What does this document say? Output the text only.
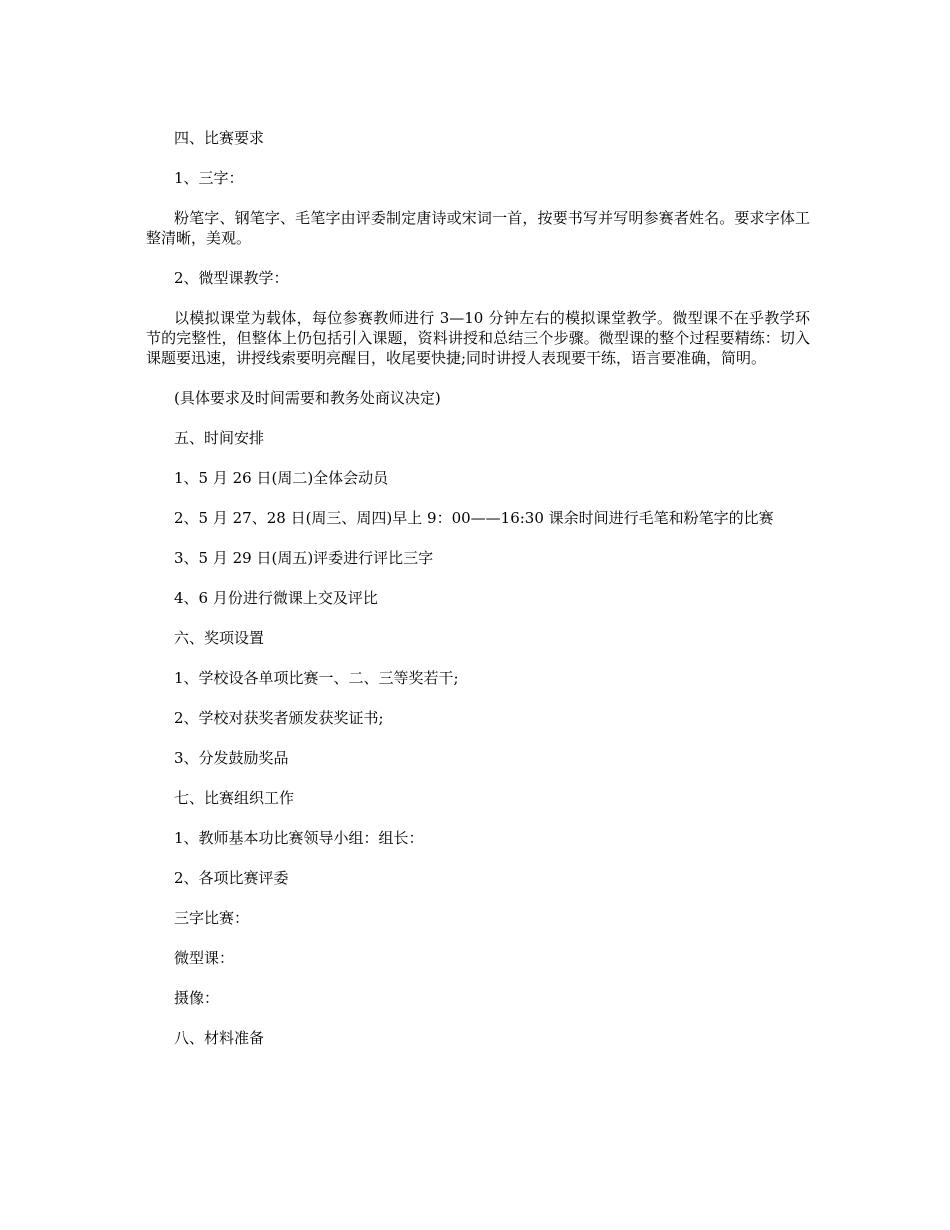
四、比赛要求

1、三字：

粉笔字、钢笔字、毛笔字由评委制定唐诗或宋词一首，按要书写并写明参赛者姓名。要求字体工整清晰，美观。

2、微型课教学：

以模拟课堂为载体，每位参赛教师进行 3—10 分钟左右的模拟课堂教学。微型课不在乎教学环节的完整性，但整体上仍包括引入课题，资料讲授和总结三个步骤。微型课的整个过程要精练：切入课题要迅速，讲授线索要明亮醒目，收尾要快捷;同时讲授人表现要干练，语言要准确，简明。

(具体要求及时间需要和教务处商议决定)

五、时间安排

1、5 月 26 日(周二)全体会动员

2、5 月 27、28 日(周三、周四)早上 9：00——16:30 课余时间进行毛笔和粉笔字的比赛

3、5 月 29 日(周五)评委进行评比三字

4、6 月份进行微课上交及评比

六、奖项设置

1、学校设各单项比赛一、二、三等奖若干;

2、学校对获奖者颁发获奖证书;

3、分发鼓励奖品

七、比赛组织工作

1、教师基本功比赛领导小组：组长：

2、各项比赛评委

三字比赛：

微型课：

摄像：

八、材料准备
